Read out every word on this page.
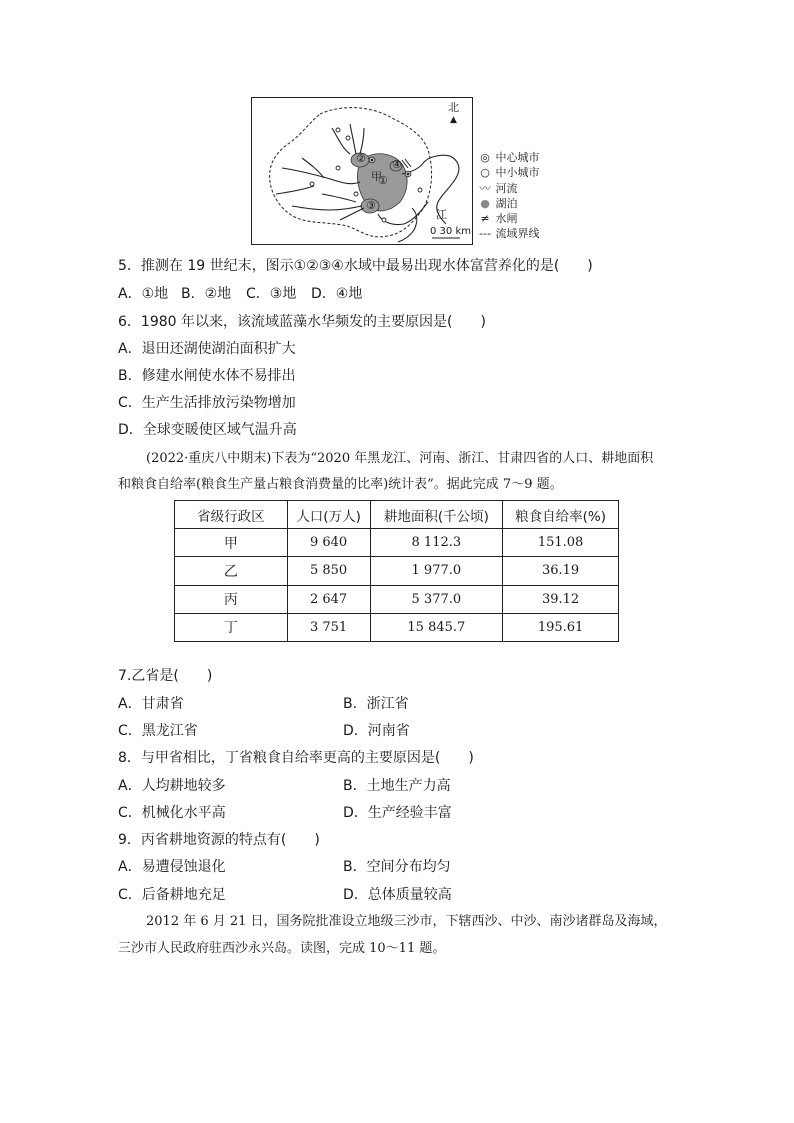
北
▲
② ④
甲
①
③
江
0 30 km
◎ 中心城市
○ 中小城市
〰 河流
● 湖泊
≠ 水闸
--- 流域界线
5．推测在 19 世纪末，图示①②③④水域中最易出现水体富营养化的是(　　)
A．①地 B．②地 C．③地 D．④地
6．1980 年以来，该流域蓝藻水华频发的主要原因是(　　)
A．退田还湖使湖泊面积扩大
B．修建水闸使水体不易排出
C．生产生活排放污染物增加
D．全球变暖使区域气温升高
(2022·重庆八中期末)下表为“2020 年黑龙江、河南、浙江、甘肃四省的人口、耕地面积
和粮食自给率(粮食生产量占粮食消费量的比率)统计表”。据此完成 7～9 题。
省级行政区	人口(万人)	耕地面积(千公顷)	粮食自给率(%)
甲	9 640	8 112.3	151.08
乙	5 850	1 977.0	36.19
丙	2 647	5 377.0	39.12
丁	3 751	15 845.7	195.61
7.乙省是(　　)
A．甘肃省	B．浙江省
C．黑龙江省	D．河南省
8．与甲省相比，丁省粮食自给率更高的主要原因是(　　)
A．人均耕地较多	B．土地生产力高
C．机械化水平高	D．生产经验丰富
9．丙省耕地资源的特点有(　　)
A．易遭侵蚀退化	B．空间分布均匀
C．后备耕地充足	D．总体质量较高
2012 年 6 月 21 日，国务院批准设立地级三沙市，下辖西沙、中沙、南沙诸群岛及海域，
三沙市人民政府驻西沙永兴岛。读图，完成 10～11 题。
